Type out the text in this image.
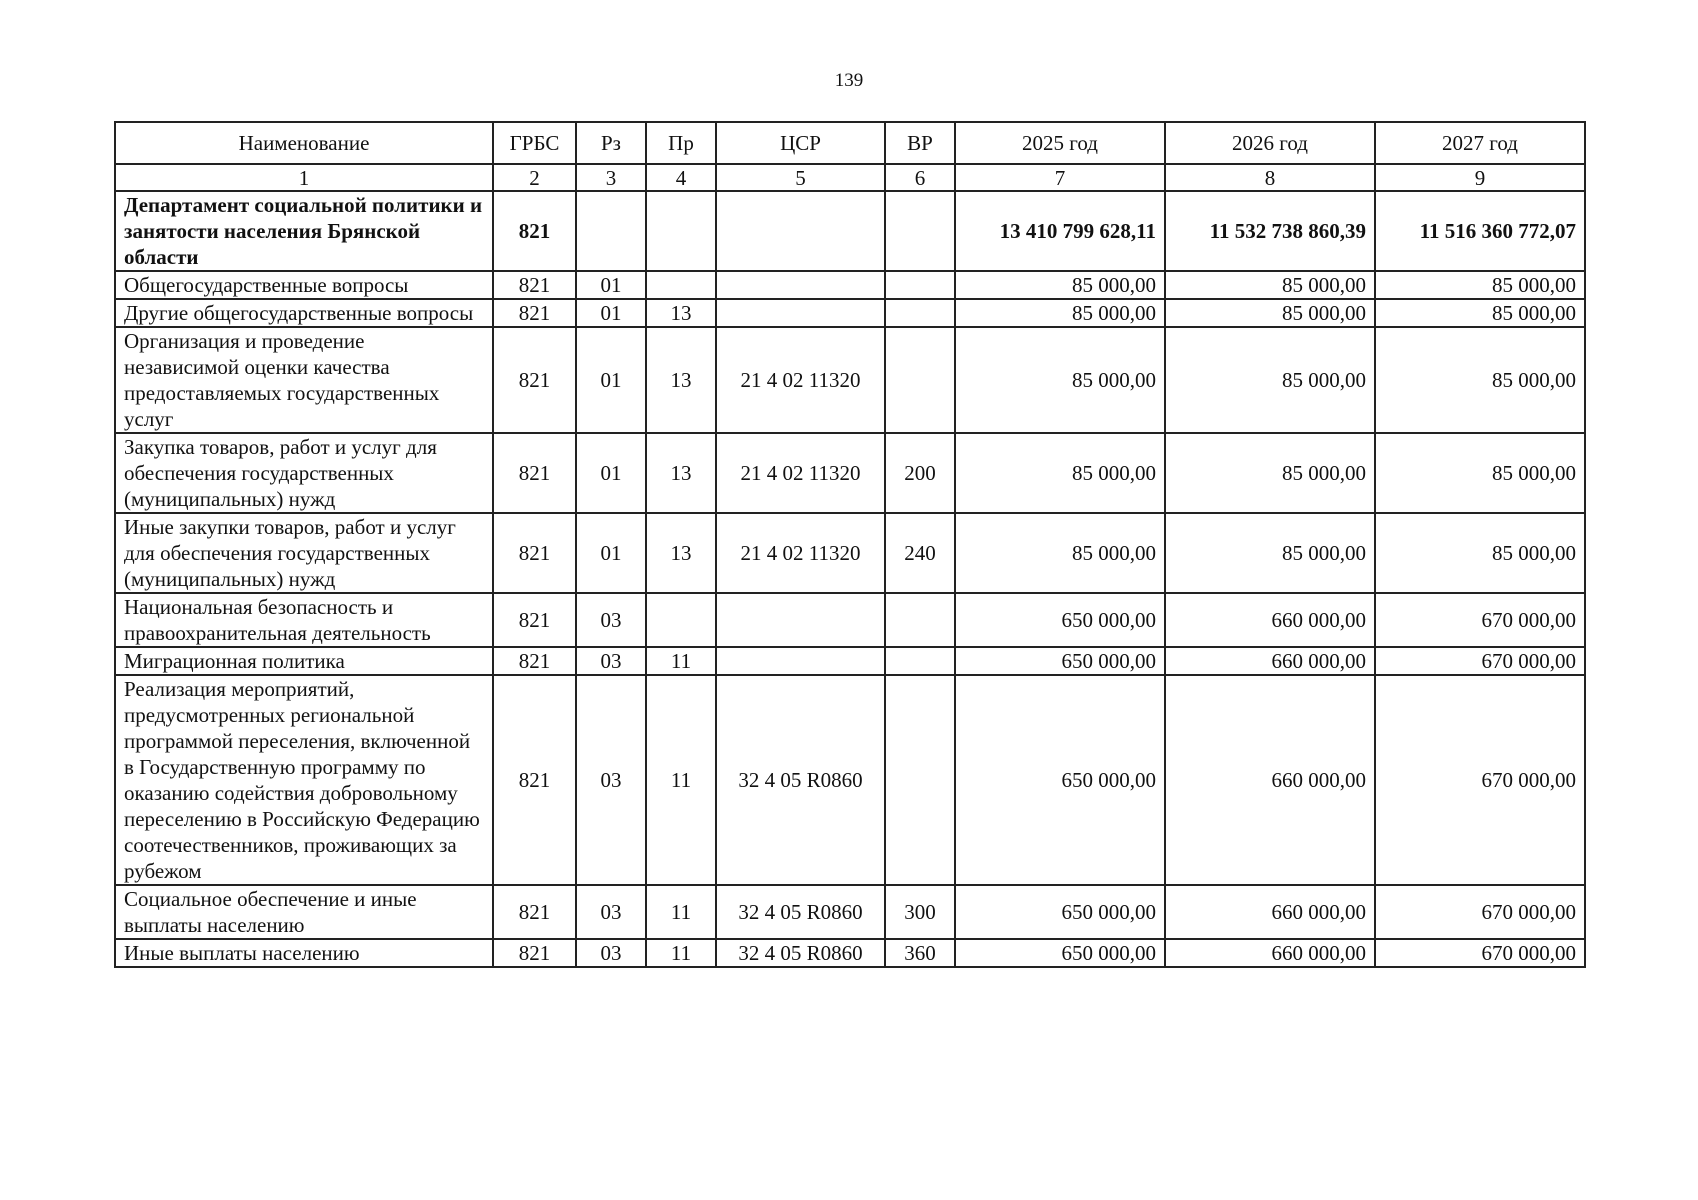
139
Наименование	ГРБС	Рз	Пр	ЦСР	ВР	2025 год	2026 год	2027 год
1	2	3	4	5	6	7	8	9
Департамент социальной политики и занятости населения Брянской области	821					13 410 799 628,11	11 532 738 860,39	11 516 360 772,07
Общегосударственные вопросы	821	01				85 000,00	85 000,00	85 000,00
Другие общегосударственные вопросы	821	01	13			85 000,00	85 000,00	85 000,00
Организация и проведение независимой оценки качества предоставляемых государственных услуг	821	01	13	21 4 02 11320		85 000,00	85 000,00	85 000,00
Закупка товаров, работ и услуг для обеспечения государственных (муниципальных) нужд	821	01	13	21 4 02 11320	200	85 000,00	85 000,00	85 000,00
Иные закупки товаров, работ и услуг для обеспечения государственных (муниципальных) нужд	821	01	13	21 4 02 11320	240	85 000,00	85 000,00	85 000,00
Национальная безопасность и правоохранительная деятельность	821	03				650 000,00	660 000,00	670 000,00
Миграционная политика	821	03	11			650 000,00	660 000,00	670 000,00
Реализация мероприятий, предусмотренных региональной программой переселения, включенной в Государственную программу по оказанию содействия добровольному переселению в Российскую Федерацию соотечественников, проживающих за рубежом	821	03	11	32 4 05 R0860		650 000,00	660 000,00	670 000,00
Социальное обеспечение и иные выплаты населению	821	03	11	32 4 05 R0860	300	650 000,00	660 000,00	670 000,00
Иные выплаты населению	821	03	11	32 4 05 R0860	360	650 000,00	660 000,00	670 000,00
